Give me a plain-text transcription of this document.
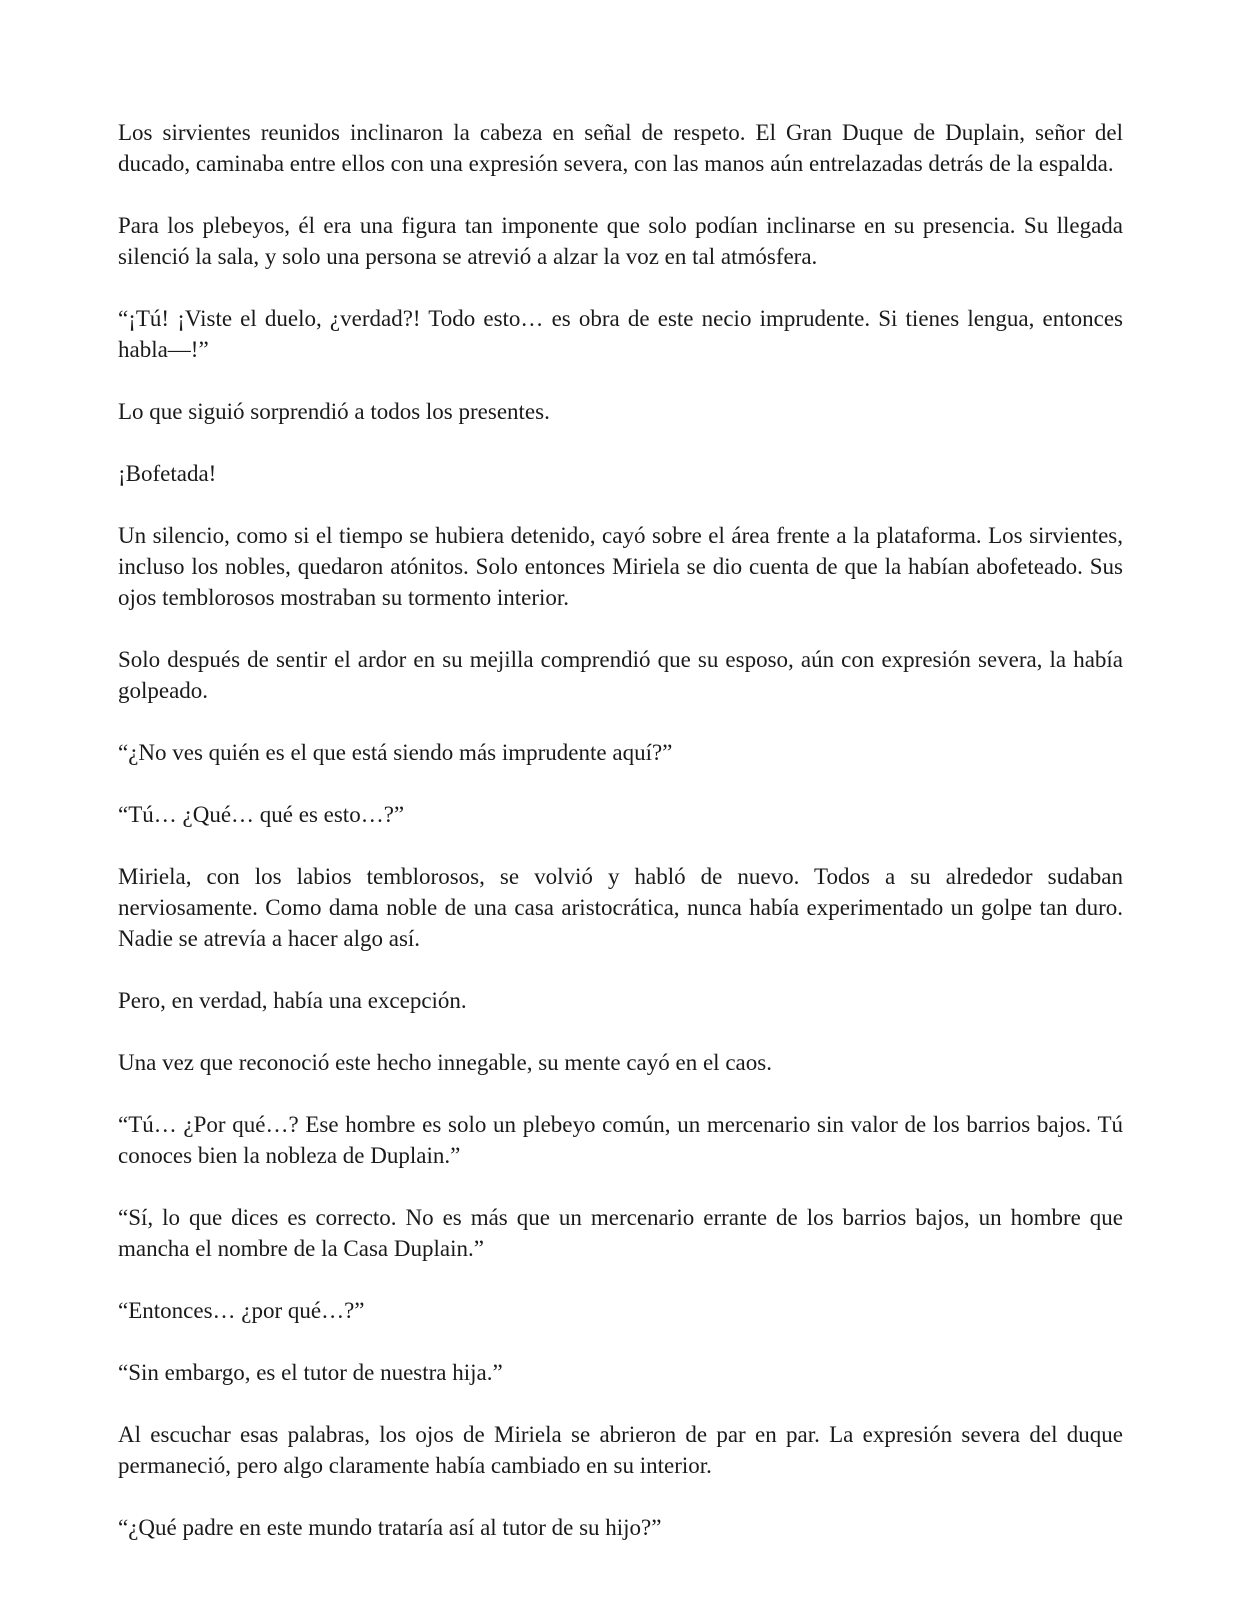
Los sirvientes reunidos inclinaron la cabeza en señal de respeto. El Gran Duque de Duplain, señor del ducado, caminaba entre ellos con una expresión severa, con las manos aún entrelazadas detrás de la espalda.

Para los plebeyos, él era una figura tan imponente que solo podían inclinarse en su presencia. Su llegada silenció la sala, y solo una persona se atrevió a alzar la voz en tal atmósfera.

“¡Tú! ¡Viste el duelo, ¿verdad?! Todo esto… es obra de este necio imprudente. Si tienes lengua, entonces habla—!”

Lo que siguió sorprendió a todos los presentes.

¡Bofetada!

Un silencio, como si el tiempo se hubiera detenido, cayó sobre el área frente a la plataforma. Los sirvientes, incluso los nobles, quedaron atónitos. Solo entonces Miriela se dio cuenta de que la habían abofeteado. Sus ojos temblorosos mostraban su tormento interior.

Solo después de sentir el ardor en su mejilla comprendió que su esposo, aún con expresión severa, la había golpeado.

“¿No ves quién es el que está siendo más imprudente aquí?”

“Tú… ¿Qué… qué es esto…?”

Miriela, con los labios temblorosos, se volvió y habló de nuevo. Todos a su alrededor sudaban nerviosamente. Como dama noble de una casa aristocrática, nunca había experimentado un golpe tan duro. Nadie se atrevía a hacer algo así.

Pero, en verdad, había una excepción.

Una vez que reconoció este hecho innegable, su mente cayó en el caos.

“Tú… ¿Por qué…? Ese hombre es solo un plebeyo común, un mercenario sin valor de los barrios bajos. Tú conoces bien la nobleza de Duplain.”

“Sí, lo que dices es correcto. No es más que un mercenario errante de los barrios bajos, un hombre que mancha el nombre de la Casa Duplain.”

“Entonces… ¿por qué…?”

“Sin embargo, es el tutor de nuestra hija.”

Al escuchar esas palabras, los ojos de Miriela se abrieron de par en par. La expresión severa del duque permaneció, pero algo claramente había cambiado en su interior.

“¿Qué padre en este mundo trataría así al tutor de su hijo?”
